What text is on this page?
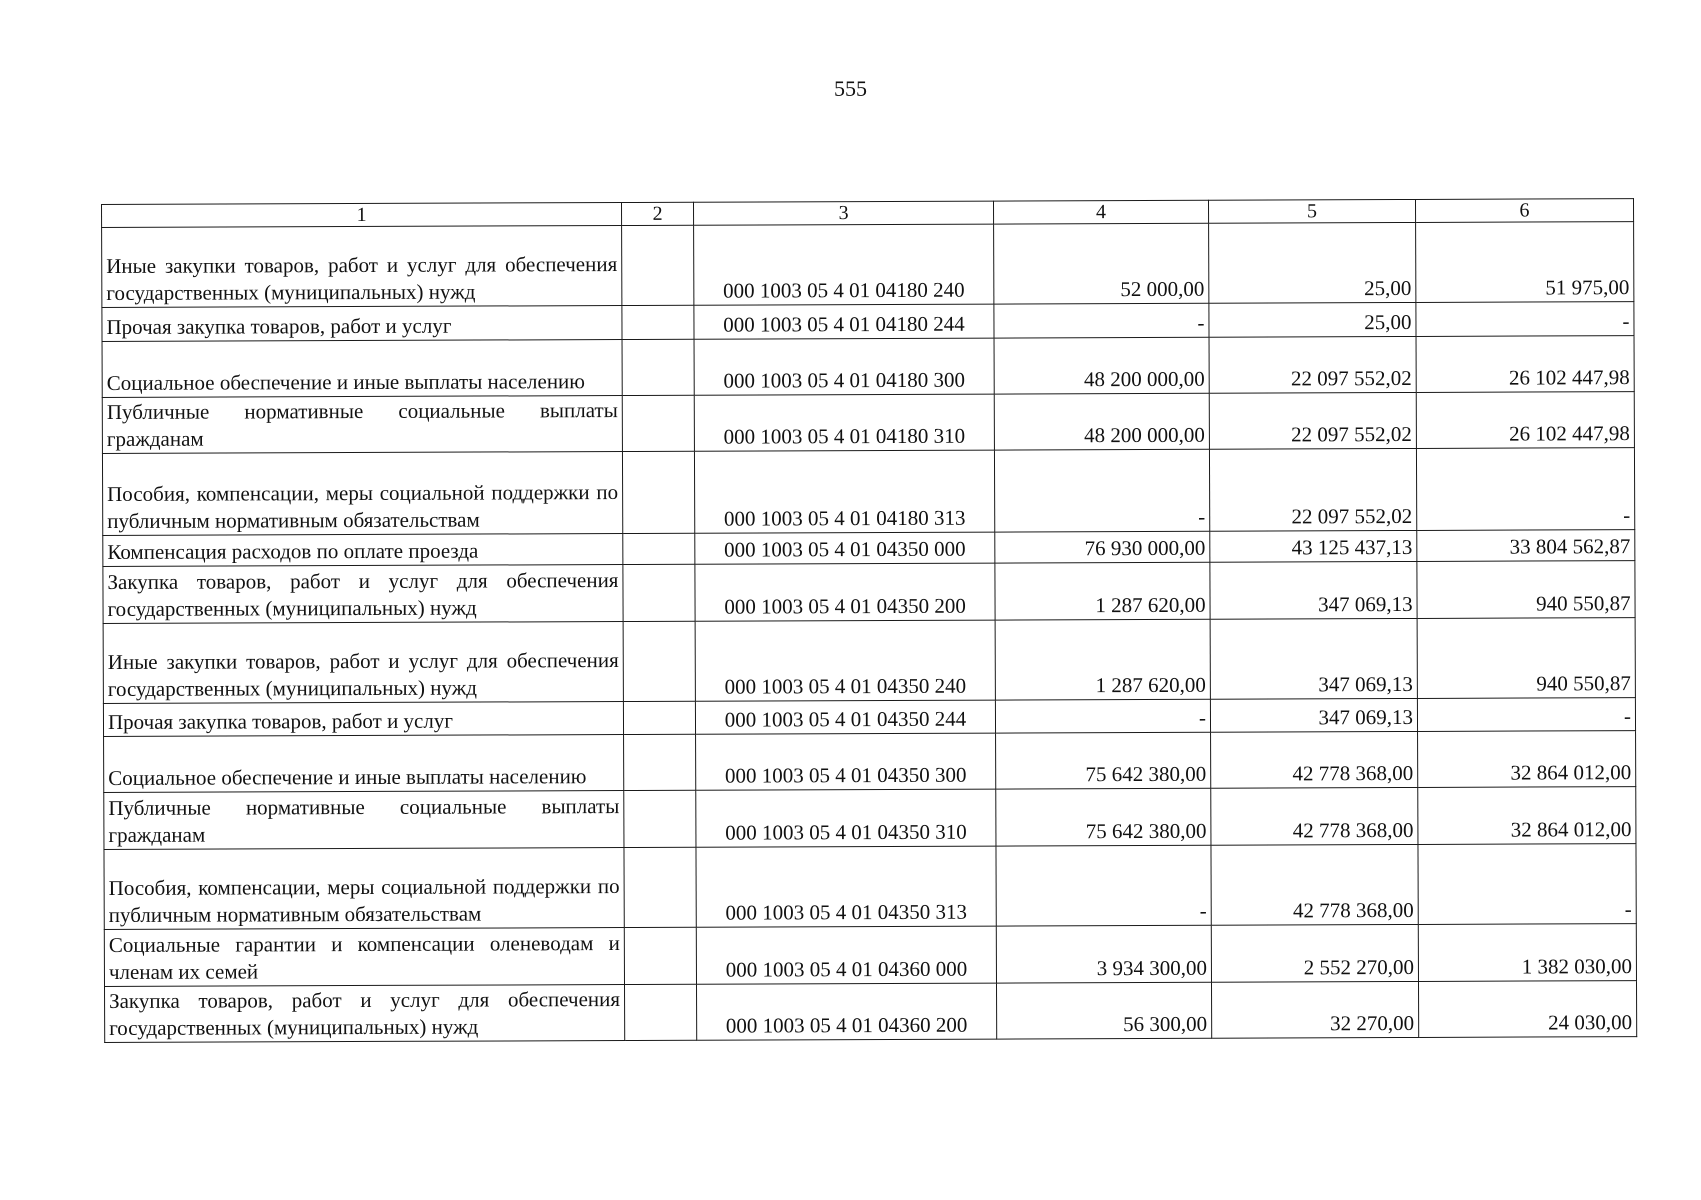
555
1	2	3	4	5	6
Иные закупки товаров, работ и услуг для обеспечения государственных (муниципальных) нужд		000 1003 05 4 01 04180 240	52 000,00	25,00	51 975,00
Прочая закупка товаров, работ и услуг		000 1003 05 4 01 04180 244	-	25,00	-
Социальное обеспечение и иные выплаты населению		000 1003 05 4 01 04180 300	48 200 000,00	22 097 552,02	26 102 447,98
Публичные нормативные социальные выплаты гражданам		000 1003 05 4 01 04180 310	48 200 000,00	22 097 552,02	26 102 447,98
Пособия, компенсации, меры социальной поддержки по публичным нормативным обязательствам		000 1003 05 4 01 04180 313	-	22 097 552,02	-
Компенсация расходов по оплате проезда		000 1003 05 4 01 04350 000	76 930 000,00	43 125 437,13	33 804 562,87
Закупка товаров, работ и услуг для обеспечения государственных (муниципальных) нужд		000 1003 05 4 01 04350 200	1 287 620,00	347 069,13	940 550,87
Иные закупки товаров, работ и услуг для обеспечения государственных (муниципальных) нужд		000 1003 05 4 01 04350 240	1 287 620,00	347 069,13	940 550,87
Прочая закупка товаров, работ и услуг		000 1003 05 4 01 04350 244	-	347 069,13	-
Социальное обеспечение и иные выплаты населению		000 1003 05 4 01 04350 300	75 642 380,00	42 778 368,00	32 864 012,00
Публичные нормативные социальные выплаты гражданам		000 1003 05 4 01 04350 310	75 642 380,00	42 778 368,00	32 864 012,00
Пособия, компенсации, меры социальной поддержки по публичным нормативным обязательствам		000 1003 05 4 01 04350 313	-	42 778 368,00	-
Социальные гарантии и компенсации оленеводам и членам их семей		000 1003 05 4 01 04360 000	3 934 300,00	2 552 270,00	1 382 030,00
Закупка товаров, работ и услуг для обеспечения государственных (муниципальных) нужд		000 1003 05 4 01 04360 200	56 300,00	32 270,00	24 030,00
